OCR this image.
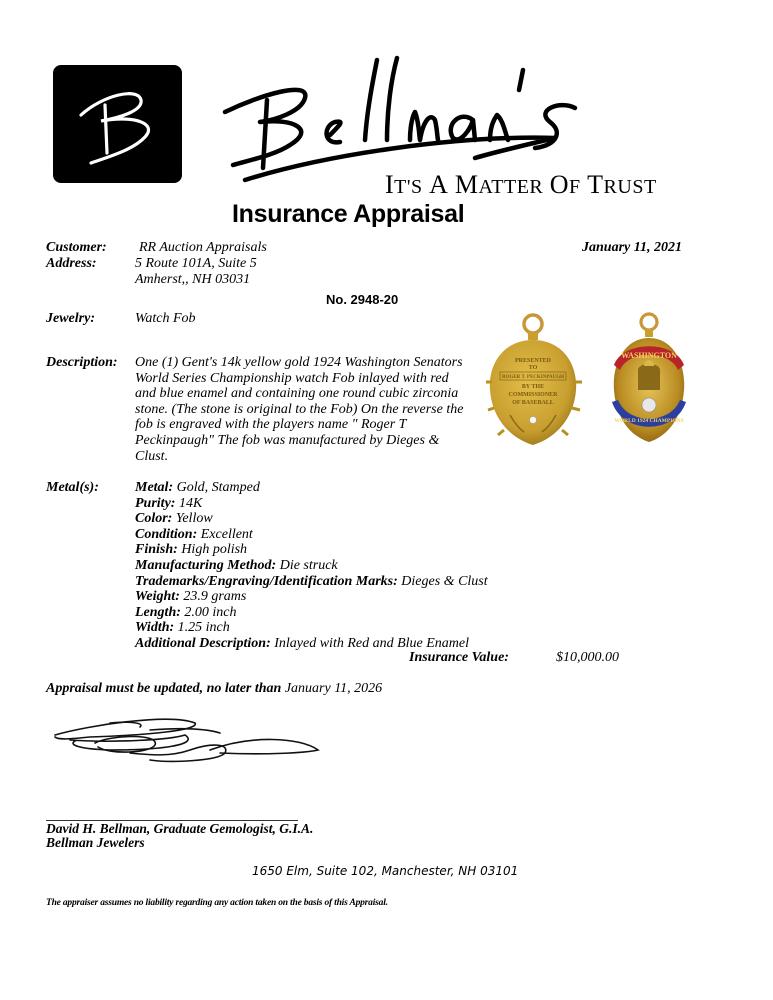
IT'S A MATTER OF TRUST
Insurance Appraisal
Customer: RR Auction Appraisals	January 11, 2021
Address:	5 Route 101A, Suite 5
Amherst,, NH 03031
No. 2948-20
Jewelry:	Watch Fob
Description: One (1) Gent's 14k yellow gold 1924 Washington Senators World Series Championship watch Fob inlayed with red and blue enamel and containing one round cubic zirconia stone. (The stone is original to the Fob) On the reverse the fob is engraved with the players name " Roger T Peckinpaugh" The fob was manufactured by Dieges & Clust.
PRESENTED
TO
ROGER T. PECKINPAUGH
BY THE
COMMISSIONER
OF BASEBALL
WASHINGTON
WORLD 1924 CHAMPIONS
Metal(s):	Metal: Gold, Stamped
Purity: 14K
Color: Yellow
Condition: Excellent
Finish: High polish
Manufacturing Method: Die struck
Trademarks/Engraving/Identification Marks: Dieges & Clust
Weight: 23.9 grams
Length: 2.00 inch
Width: 1.25 inch
Additional Description: Inlayed with Red and Blue Enamel
Insurance Value:	$10,000.00
Appraisal must be updated, no later than January 11, 2026
David H. Bellman, Graduate Gemologist, G.I.A.
Bellman Jewelers
1650 Elm, Suite 102, Manchester, NH 03101
The appraiser assumes no liability regarding any action taken on the basis of this Appraisal.
